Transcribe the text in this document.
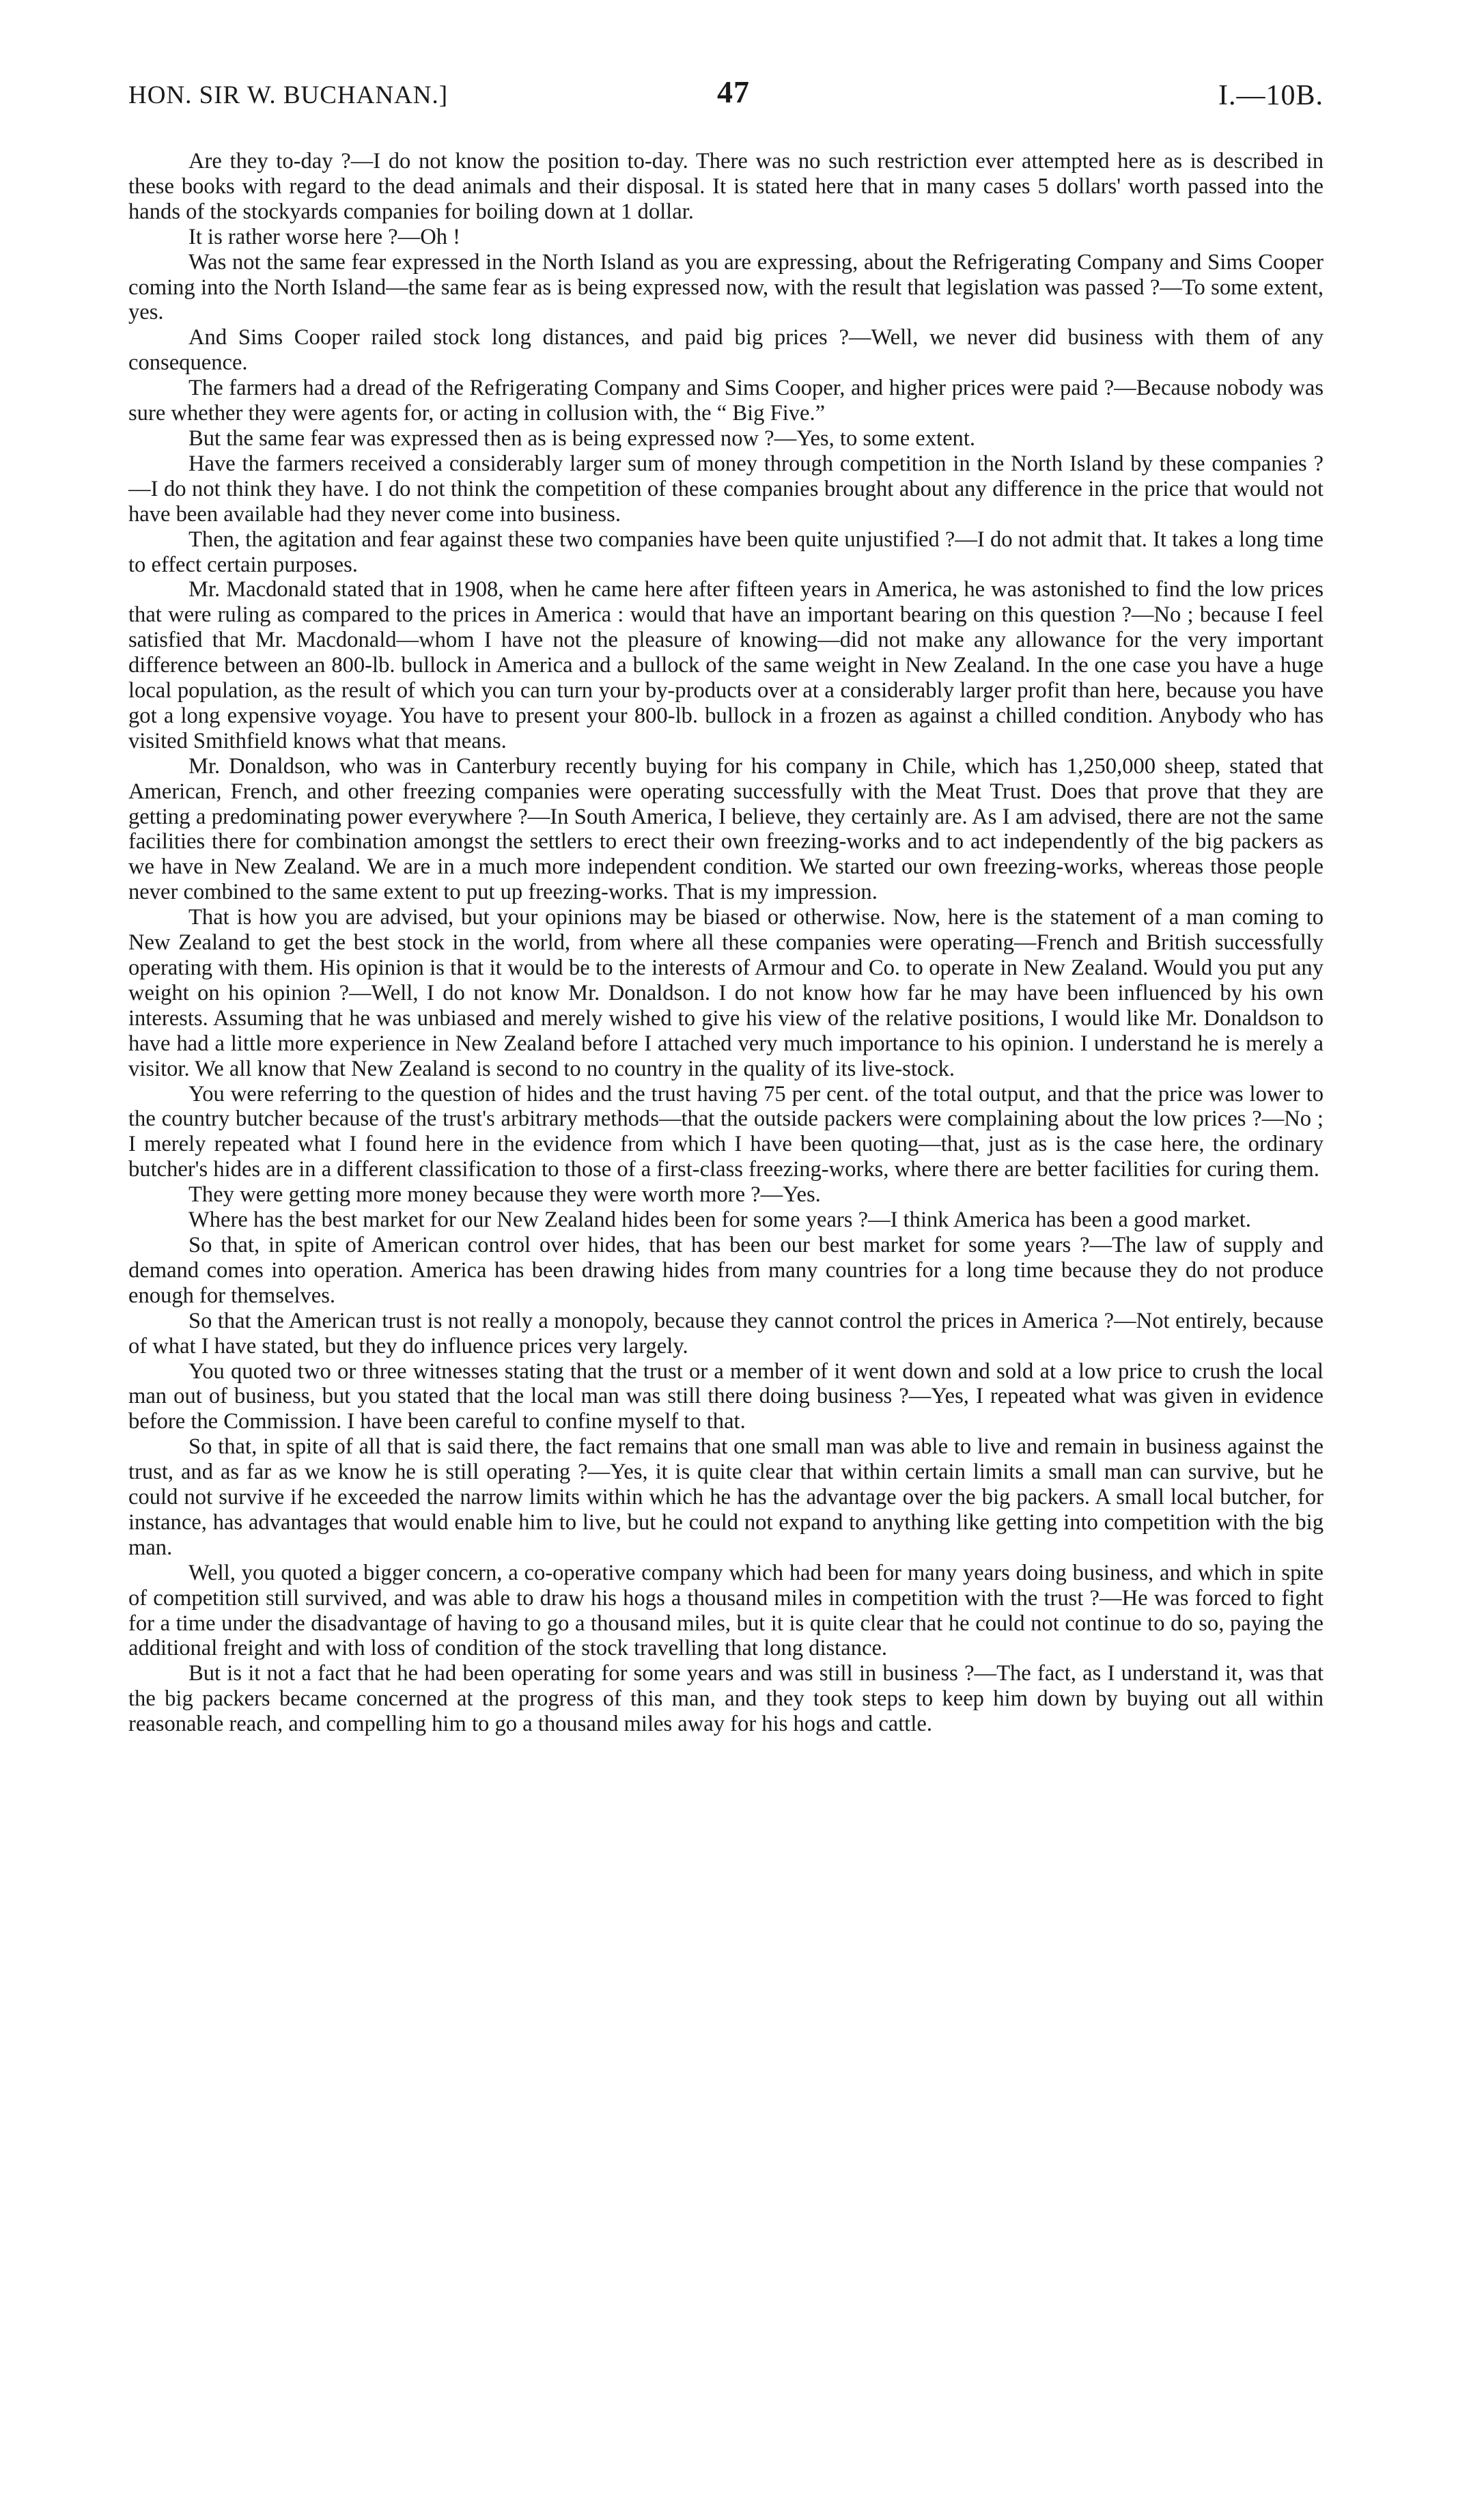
HON. SIR W. BUCHANAN.]	47	I.—10B.

Are they to-day ?—I do not know the position to-day. There was no such restriction ever attempted here as is described in these books with regard to the dead animals and their disposal. It is stated here that in many cases 5 dollars' worth passed into the hands of the stockyards companies for boiling down at 1 dollar.

It is rather worse here ?—Oh !

Was not the same fear expressed in the North Island as you are expressing, about the Refrigerating Company and Sims Cooper coming into the North Island—the same fear as is being expressed now, with the result that legislation was passed ?—To some extent, yes.

And Sims Cooper railed stock long distances, and paid big prices ?—Well, we never did business with them of any consequence.

The farmers had a dread of the Refrigerating Company and Sims Cooper, and higher prices were paid ?—Because nobody was sure whether they were agents for, or acting in collusion with, the “ Big Five.”

But the same fear was expressed then as is being expressed now ?—Yes, to some extent.

Have the farmers received a considerably larger sum of money through competition in the North Island by these companies ?—I do not think they have. I do not think the competition of these companies brought about any difference in the price that would not have been available had they never come into business.

Then, the agitation and fear against these two companies have been quite unjustified ?—I do not admit that. It takes a long time to effect certain purposes.

Mr. Macdonald stated that in 1908, when he came here after fifteen years in America, he was astonished to find the low prices that were ruling as compared to the prices in America : would that have an important bearing on this question ?—No ; because I feel satisfied that Mr. Macdonald—whom I have not the pleasure of knowing—did not make any allowance for the very important difference between an 800-lb. bullock in America and a bullock of the same weight in New Zealand. In the one case you have a huge local population, as the result of which you can turn your by-products over at a considerably larger profit than here, because you have got a long expensive voyage. You have to present your 800-lb. bullock in a frozen as against a chilled condition. Anybody who has visited Smithfield knows what that means.

Mr. Donaldson, who was in Canterbury recently buying for his company in Chile, which has 1,250,000 sheep, stated that American, French, and other freezing companies were operating successfully with the Meat Trust. Does that prove that they are getting a predominating power everywhere ?—In South America, I believe, they certainly are. As I am advised, there are not the same facilities there for combination amongst the settlers to erect their own freezing-works and to act independently of the big packers as we have in New Zealand. We are in a much more independent condition. We started our own freezing-works, whereas those people never combined to the same extent to put up freezing-works. That is my impression.

That is how you are advised, but your opinions may be biased or otherwise. Now, here is the statement of a man coming to New Zealand to get the best stock in the world, from where all these companies were operating—French and British successfully operating with them. His opinion is that it would be to the interests of Armour and Co. to operate in New Zealand. Would you put any weight on his opinion ?—Well, I do not know Mr. Donaldson. I do not know how far he may have been influenced by his own interests. Assuming that he was unbiased and merely wished to give his view of the relative positions, I would like Mr. Donaldson to have had a little more experience in New Zealand before I attached very much importance to his opinion. I understand he is merely a visitor. We all know that New Zealand is second to no country in the quality of its live-stock.

You were referring to the question of hides and the trust having 75 per cent. of the total output, and that the price was lower to the country butcher because of the trust's arbitrary methods—that the outside packers were complaining about the low prices ?—No ; I merely repeated what I found here in the evidence from which I have been quoting—that, just as is the case here, the ordinary butcher's hides are in a different classification to those of a first-class freezing-works, where there are better facilities for curing them.

They were getting more money because they were worth more ?—Yes.

Where has the best market for our New Zealand hides been for some years ?—I think America has been a good market.

So that, in spite of American control over hides, that has been our best market for some years ?—The law of supply and demand comes into operation. America has been drawing hides from many countries for a long time because they do not produce enough for themselves.

So that the American trust is not really a monopoly, because they cannot control the prices in America ?—Not entirely, because of what I have stated, but they do influence prices very largely.

You quoted two or three witnesses stating that the trust or a member of it went down and sold at a low price to crush the local man out of business, but you stated that the local man was still there doing business ?—Yes, I repeated what was given in evidence before the Commission. I have been careful to confine myself to that.

So that, in spite of all that is said there, the fact remains that one small man was able to live and remain in business against the trust, and as far as we know he is still operating ?—Yes, it is quite clear that within certain limits a small man can survive, but he could not survive if he exceeded the narrow limits within which he has the advantage over the big packers. A small local butcher, for instance, has advantages that would enable him to live, but he could not expand to anything like getting into competition with the big man.

Well, you quoted a bigger concern, a co-operative company which had been for many years doing business, and which in spite of competition still survived, and was able to draw his hogs a thousand miles in competition with the trust ?—He was forced to fight for a time under the disadvantage of having to go a thousand miles, but it is quite clear that he could not continue to do so, paying the additional freight and with loss of condition of the stock travelling that long distance.

But is it not a fact that he had been operating for some years and was still in business ?—The fact, as I understand it, was that the big packers became concerned at the progress of this man, and they took steps to keep him down by buying out all within reasonable reach, and compelling him to go a thousand miles away for his hogs and cattle.
